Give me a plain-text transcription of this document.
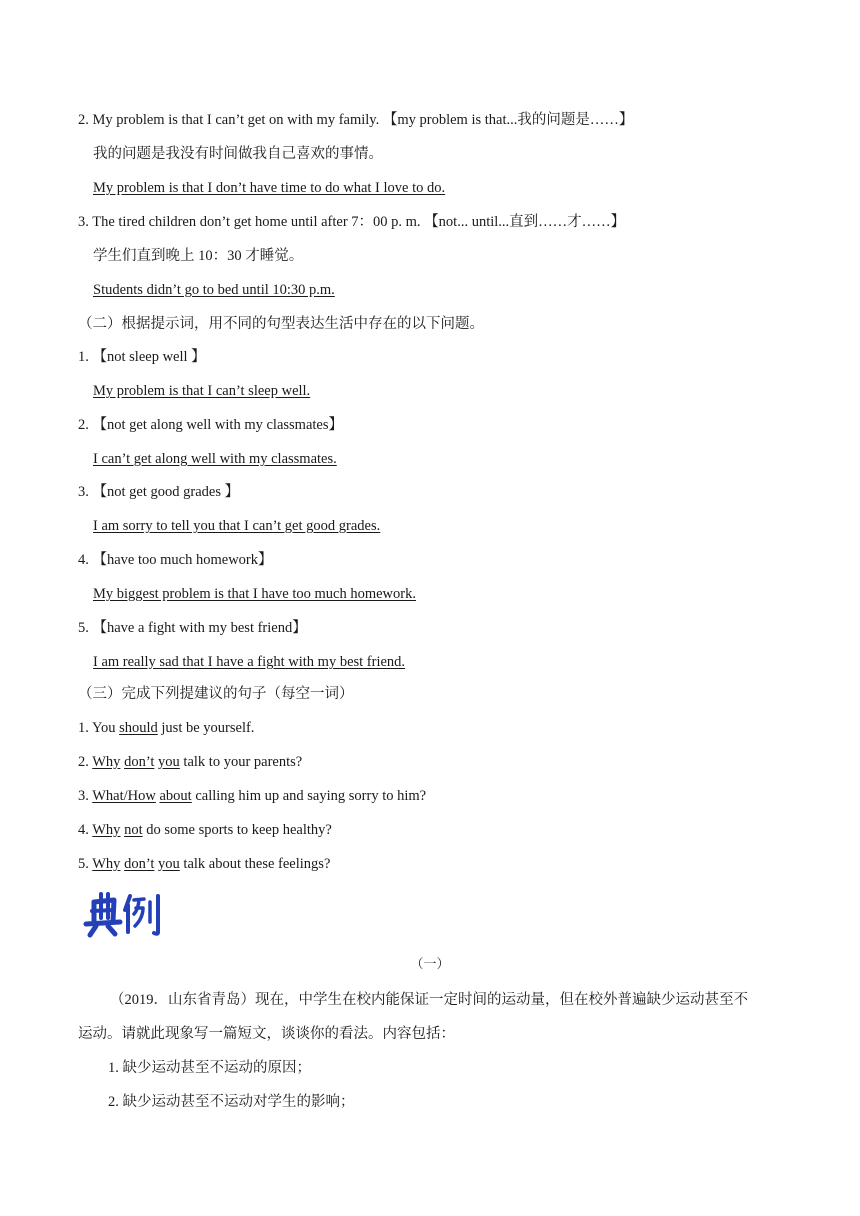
2. My problem is that I can’t get on with my family. 【my problem is that...我的问题是……】
我的问题是我没有时间做我自己喜欢的事情。
My problem is that I don’t have time to do what I love to do.
3. The tired children don’t get home until after 7：00 p. m. 【not... until...直到……才……】
学生们直到晚上 10：30 才睡觉。
Students didn’t go to bed until 10:30 p.m.
（二）根据提示词，用不同的句型表达生活中存在的以下问题。
1. 【not sleep well 】
My problem is that I can’t sleep well.
2. 【not get along well with my classmates】
I can’t get along well with my classmates.
3. 【not get good grades 】
I am sorry to tell you that I can’t get good grades.
4. 【have too much homework】
My biggest problem is that I have too much homework.
5. 【have a fight with my best friend】
I am really sad that I have a fight with my best friend.
（三）完成下列提建议的句子（每空一词）
1. You should just be yourself.
2. Why don’t you talk to your parents?
3. What/How about calling him up and saying sorry to him?
4. Why not do some sports to keep healthy?
5. Why don’t you talk about these feelings?
（一）
（2019．山东省青岛）现在，中学生在校内能保证一定时间的运动量，但在校外普遍缺少运动甚至不
运动。请就此现象写一篇短文，谈谈你的看法。内容包括：
1. 缺少运动甚至不运动的原因；
2. 缺少运动甚至不运动对学生的影响；
